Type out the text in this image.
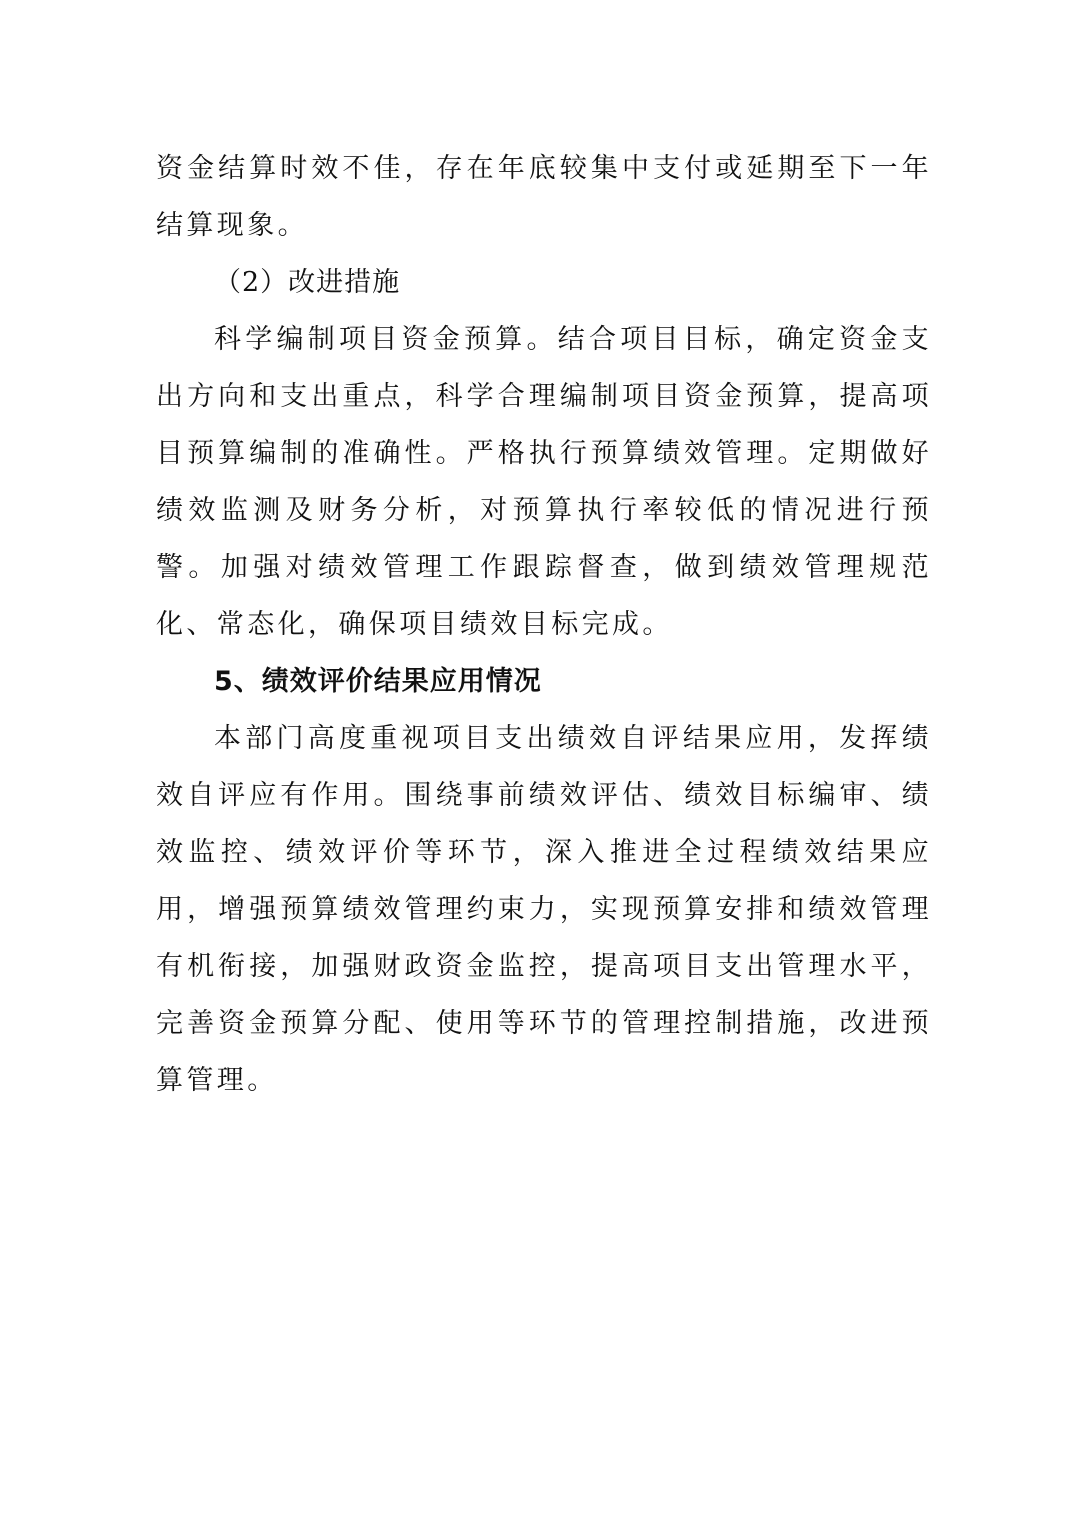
资金结算时效不佳，存在年底较集中支付或延期至下一年结算现象。

（2）改进措施

科学编制项目资金预算。结合项目目标，确定资金支出方向和支出重点，科学合理编制项目资金预算，提高项目预算编制的准确性。严格执行预算绩效管理。定期做好绩效监测及财务分析，对预算执行率较低的情况进行预警。加强对绩效管理工作跟踪督查，做到绩效管理规范化、常态化，确保项目绩效目标完成。

5、绩效评价结果应用情况

本部门高度重视项目支出绩效自评结果应用，发挥绩效自评应有作用。围绕事前绩效评估、绩效目标编审、绩效监控、绩效评价等环节，深入推进全过程绩效结果应用，增强预算绩效管理约束力，实现预算安排和绩效管理有机衔接，加强财政资金监控，提高项目支出管理水平，完善资金预算分配、使用等环节的管理控制措施，改进预算管理。
